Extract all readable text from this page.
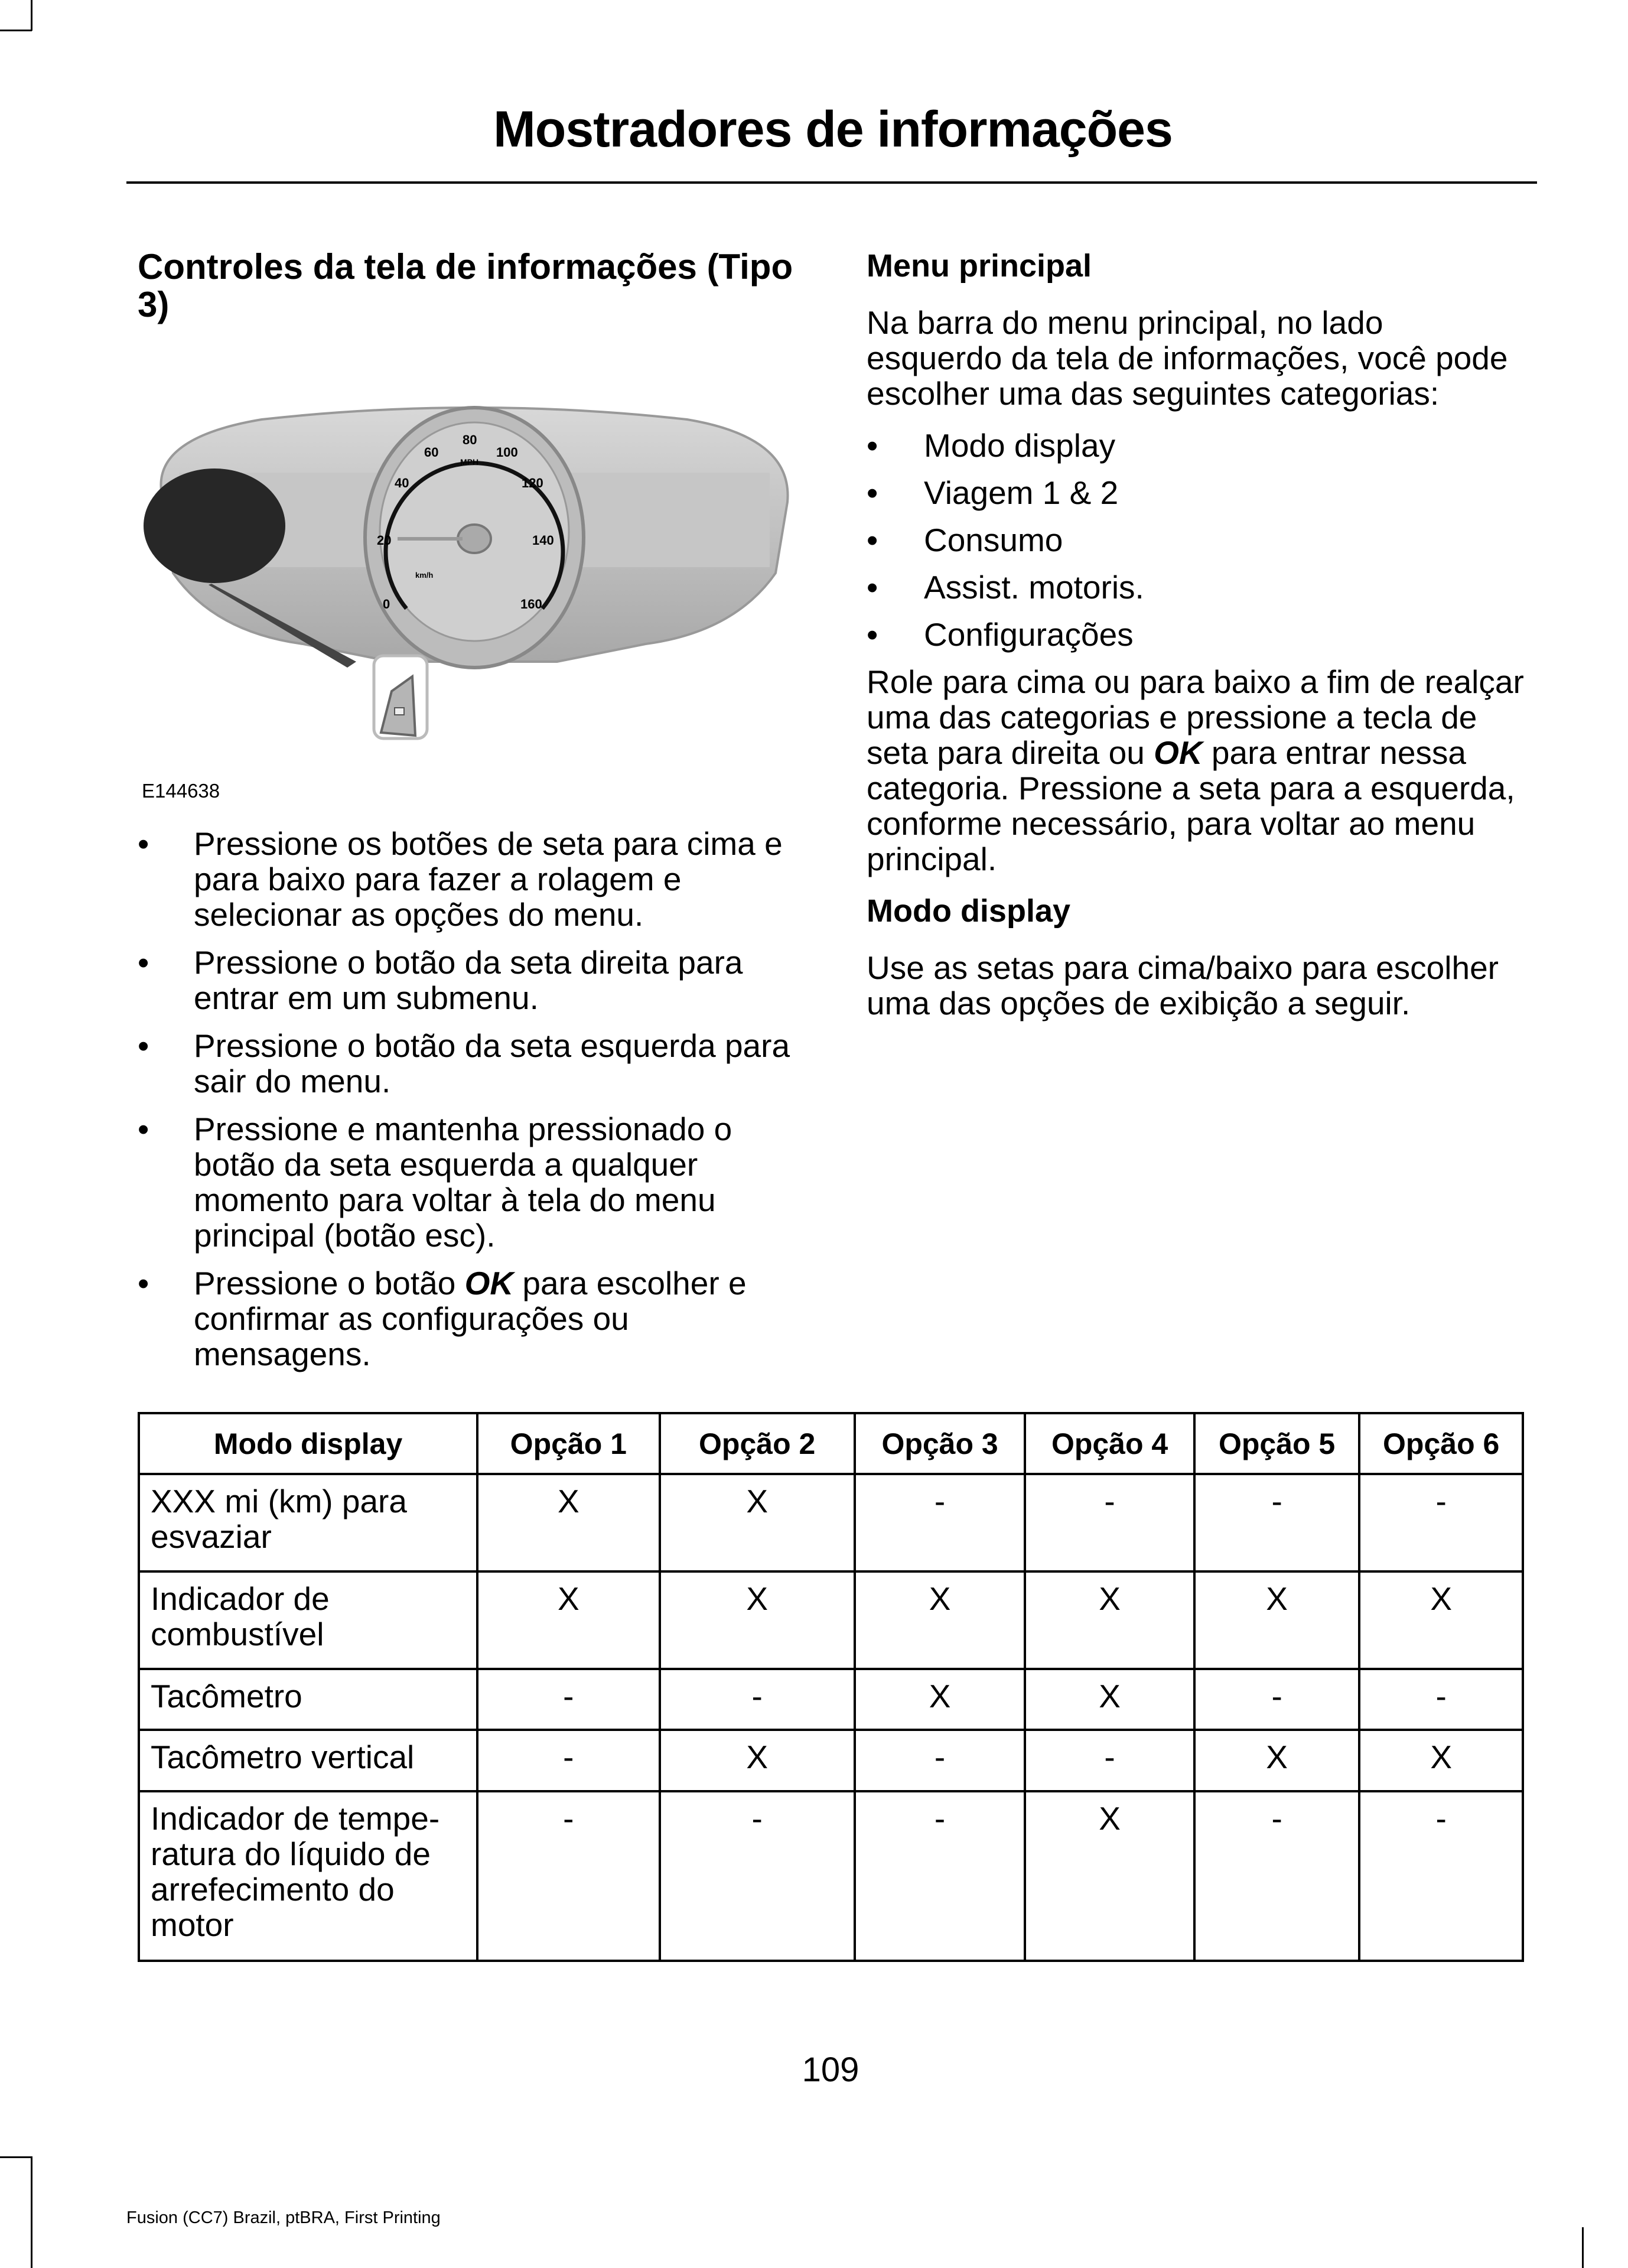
Mostradores de informações
Controles da tela de informações (Tipo 3)
0
20
40
60
80
100
120
140
160
MPH
km/h
E144638
• Pressione os botões de seta para cima e para baixo para fazer a rolagem e selecionar as opções do menu.
• Pressione o botão da seta direita para entrar em um submenu.
• Pressione o botão da seta esquerda para sair do menu.
• Pressione e mantenha pressionado o botão da seta esquerda a qualquer momento para voltar à tela do menu principal (botão esc).
• Pressione o botão OK para escolher e confirmar as configurações ou mensagens.
Menu principal

Na barra do menu principal, no lado esquerdo da tela de informações, você pode escolher uma das seguintes categorias:

• Modo display
• Viagem 1 & 2
• Consumo
• Assist. motoris.
• Configurações

Role para cima ou para baixo a fim de realçar uma das categorias e pressione a tecla de seta para direita ou OK para entrar nessa categoria. Pressione a seta para a esquerda, conforme necessário, para voltar ao menu principal.

Modo display

Use as setas para cima/baixo para escolher uma das opções de exibição a seguir.

Modo display	Opção 1	Opção 2	Opção 3	Opção 4	Opção 5	Opção 6
XXX mi (km) para esvaziar	X	X	-	-	-	-
Indicador de combustível	X	X	X	X	X	X
Tacômetro	-	-	X	X	-	-
Tacômetro vertical	-	X	-	-	X	X
Indicador de tempe-ratura do líquido de arrefecimento do motor	-	-	-	X	-	-
109
Fusion (CC7) Brazil, ptBRA, First Printing
